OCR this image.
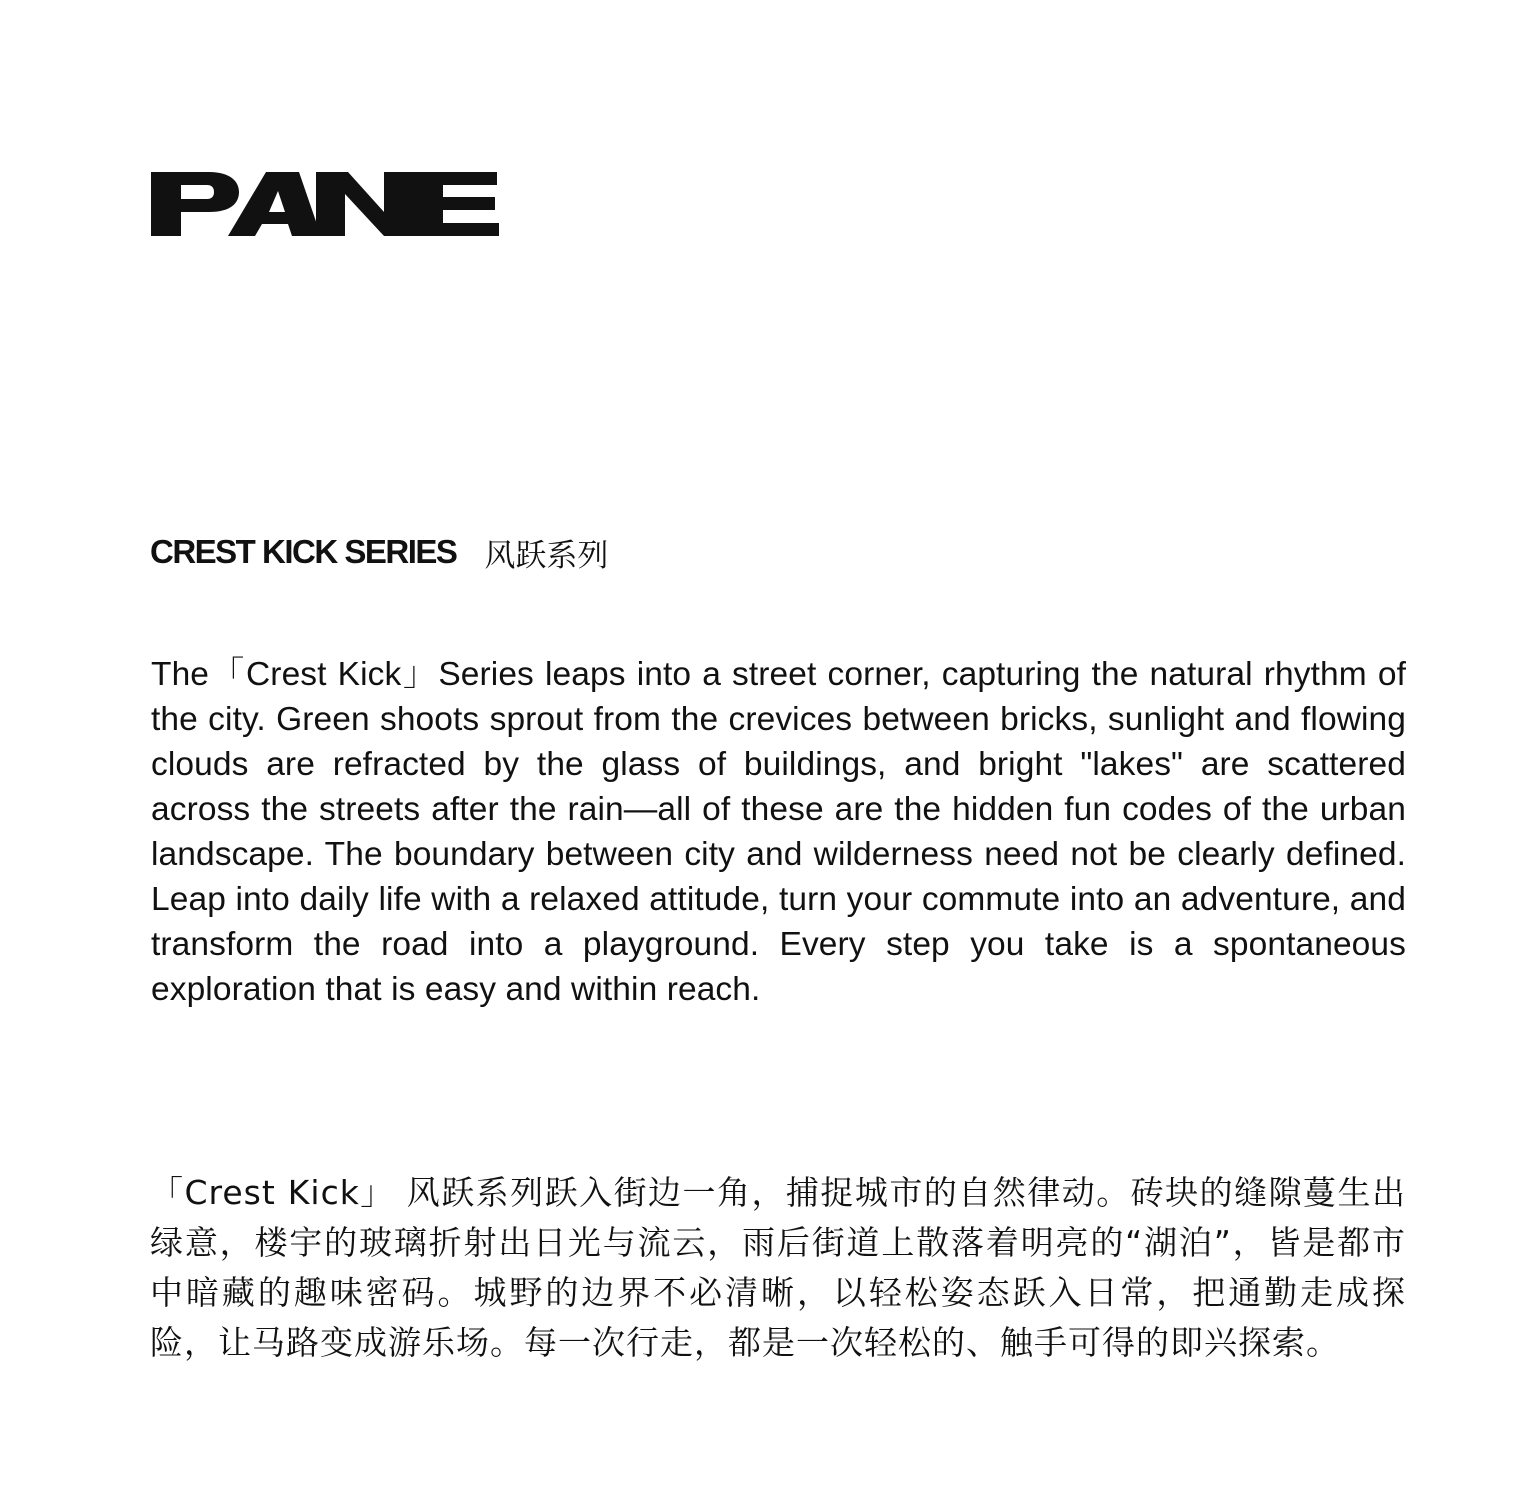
CREST KICK SERIES 风跃系列

The「Crest Kick」Series leaps into a street corner, capturing the natural rhythm of the city. Green shoots sprout from the crevices between bricks, sunlight and flowing clouds are refracted by the glass of buildings, and bright "lakes" are scattered across the streets after the rain—all of these are the hidden fun codes of the urban landscape. The boundary between city and wilderness need not be clearly defined. Leap into daily life with a relaxed attitude, turn your commute into an adventure, and transform the road into a playground. Every step you take is a spontaneous exploration that is easy and within reach.

「Crest Kick」 风跃系列跃入街边一角，捕捉城市的自然律动。砖块的缝隙蔓生出绿意，楼宇的玻璃折射出日光与流云，雨后街道上散落着明亮的“湖泊”，皆是都市中暗藏的趣味密码。城野的边界不必清晰，以轻松姿态跃入日常，把通勤走成探险，让马路变成游乐场。每一次行走，都是一次轻松的、触手可得的即兴探索。
